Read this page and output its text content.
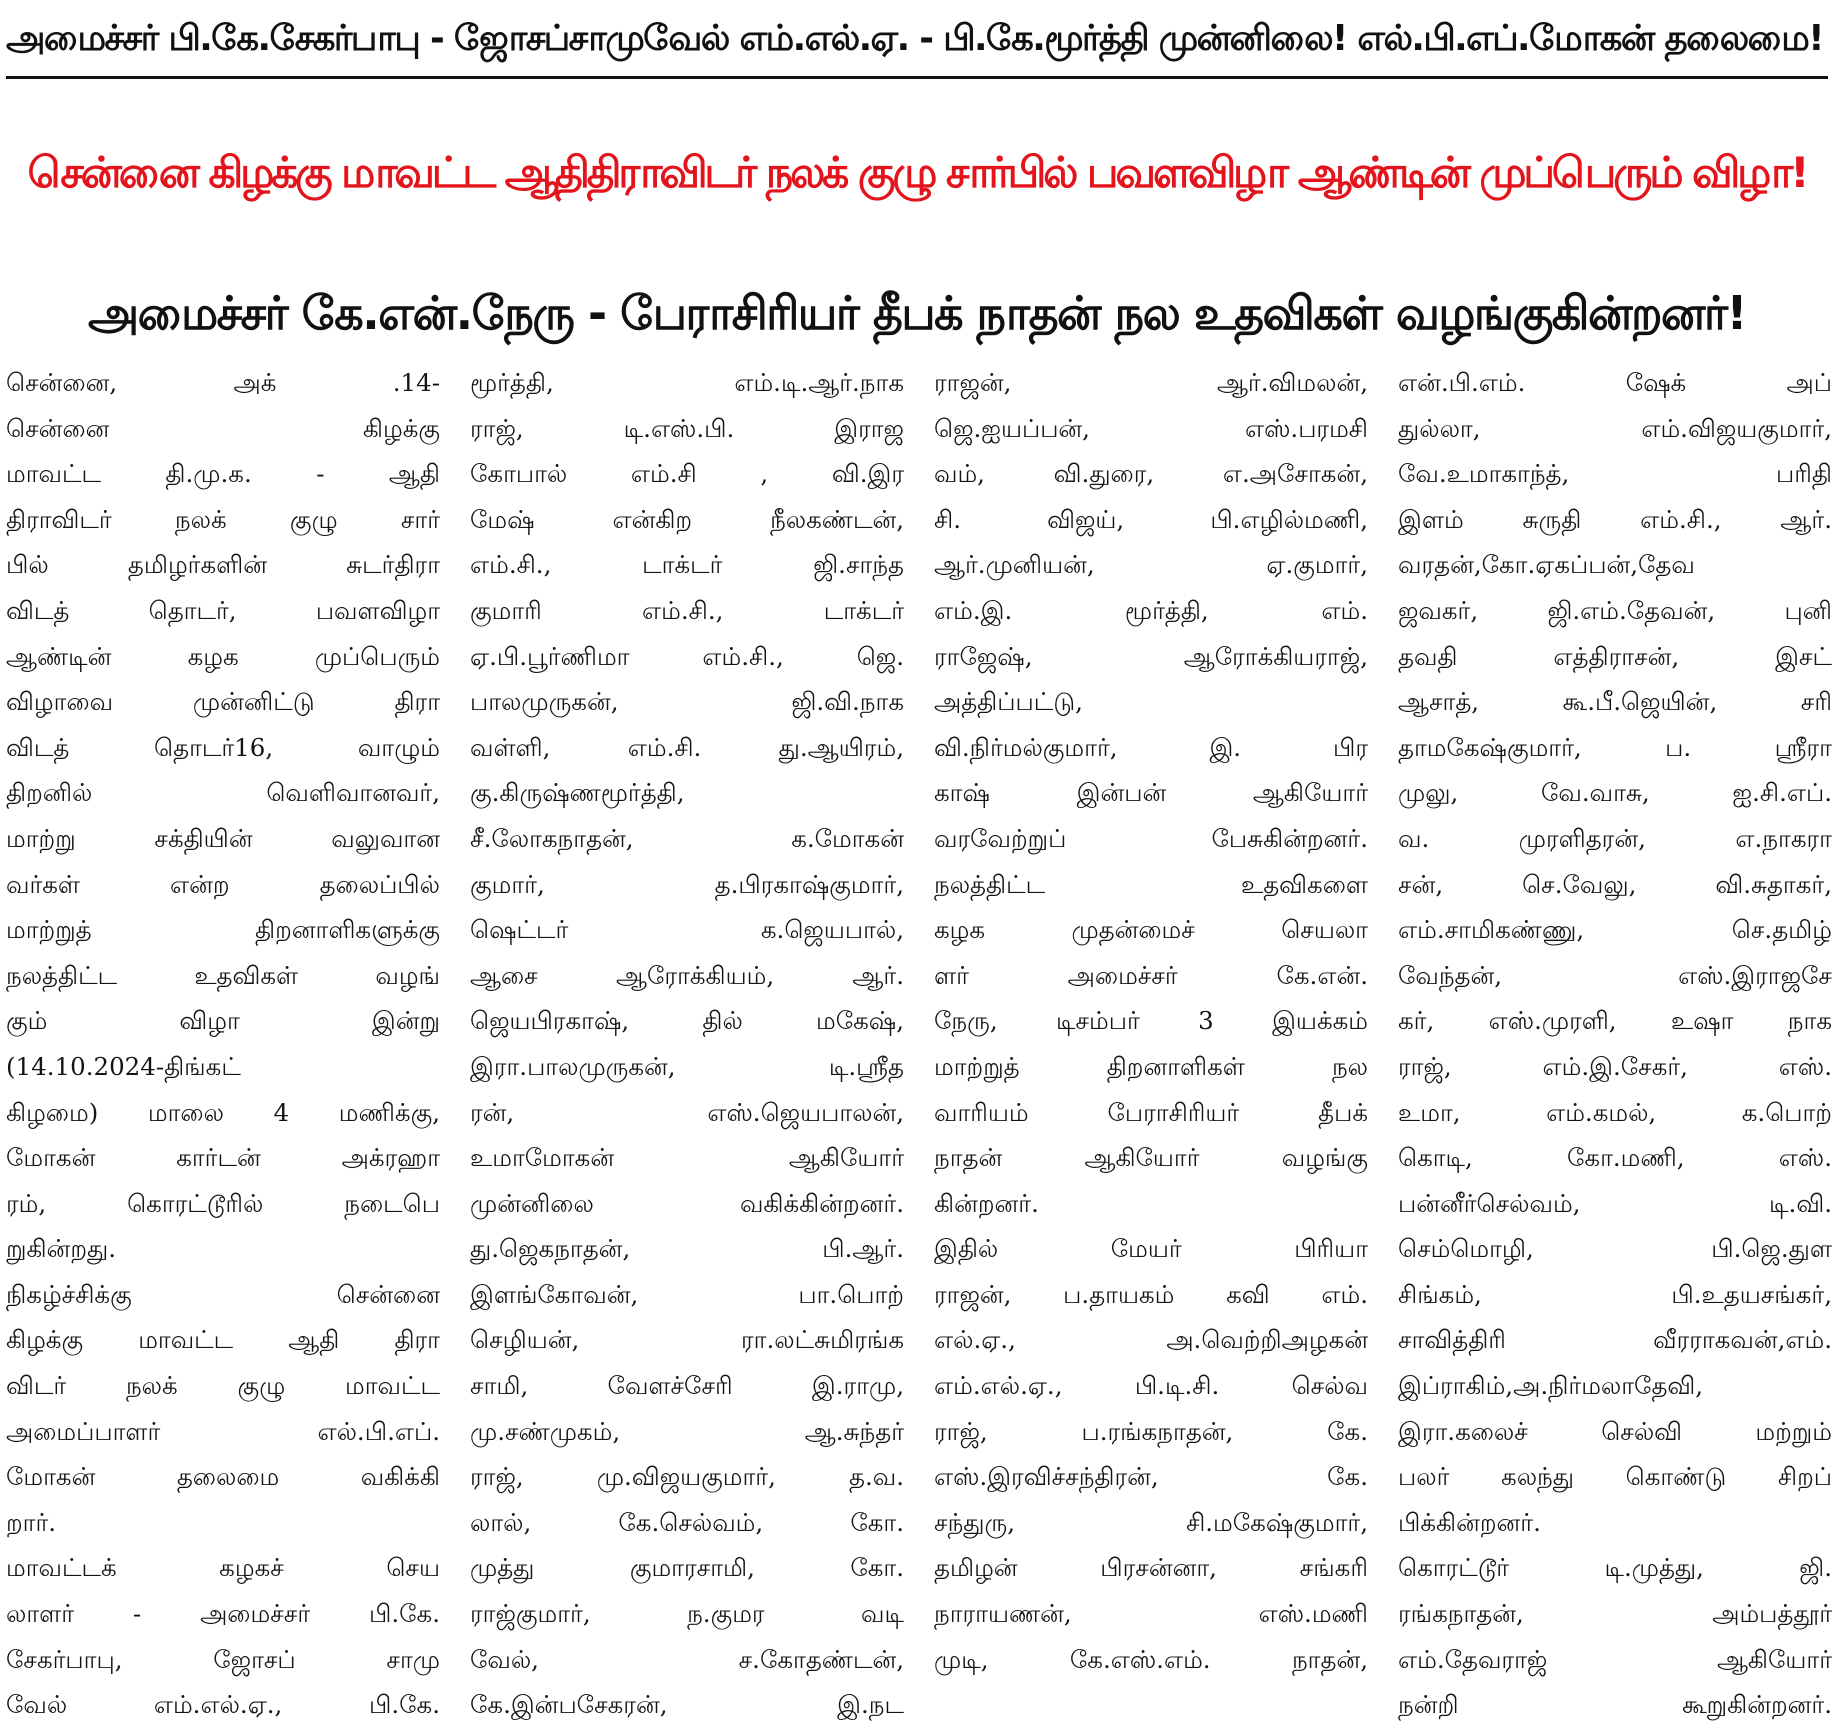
அமைச்சர் பி.கே.சேகர்பாபு - ஜோசப்சாமுவேல் எம்.எல்.ஏ. - பி.கே.மூர்த்தி முன்னிலை! எல்.பி.எப்.மோகன் தலைமை!
சென்னை கிழக்கு மாவட்ட ஆதிதிராவிடர் நலக் குழு சார்பில் பவளவிழா ஆண்டின் முப்பெரும் விழா!
அமைச்சர் கே.என்.நேரு - பேராசிரியர் தீபக் நாதன் நல உதவிகள் வழங்குகின்றனர்!
சென்னை, அக் .14-
சென்னை கிழக்கு
மாவட்ட தி.மு.க. - ஆதி
திராவிடர் நலக் குழு சார்
பில் தமிழர்களின் சுடர்திரா
விடத் தொடர், பவளவிழா
ஆண்டின் கழக முப்பெரும்
விழாவை முன்னிட்டு திரா
விடத் தொடர்16, வாழும்
திறனில் வெளிவானவர்,
மாற்று சக்தியின் வலுவான
வர்கள் என்ற தலைப்பில்
மாற்றுத் திறனாளிகளுக்கு
நலத்திட்ட உதவிகள் வழங்
கும் விழா இன்று
(14.10.2024-திங்கட்
கிழமை) மாலை 4 மணிக்கு,
மோகன் கார்டன் அக்ரஹா
ரம், கொரட்டூரில் நடைபெ
றுகின்றது.
நிகழ்ச்சிக்கு சென்னை
கிழக்கு மாவட்ட ஆதி திரா
விடர் நலக் குழு மாவட்ட
அமைப்பாளர் எல்.பி.எப்.
மோகன் தலைமை வகிக்கி
றார்.
மாவட்டக் கழகச் செய
லாளர் - அமைச்சர் பி.கே.
சேகர்பாபு, ஜோசப் சாமு
வேல் எம்.எல்.ஏ., பி.கே.
மூர்த்தி, எம்.டி.ஆர்.நாக
ராஜ், டி.எஸ்.பி. இராஜ
கோபால் எம்.சி , வி.இர
மேஷ் என்கிற நீலகண்டன்,
எம்.சி., டாக்டர் ஜி.சாந்த
குமாரி எம்.சி., டாக்டர்
ஏ.பி.பூர்ணிமா எம்.சி., ஜெ.
பாலமுருகன், ஜி.வி.நாக
வள்ளி, எம்.சி. து.ஆயிரம்,
கு.கிருஷ்ணமூர்த்தி,
சீ.லோகநாதன், க.மோகன்
குமார், த.பிரகாஷ்குமார்,
ஷெட்டர் க.ஜெயபால்,
ஆசை ஆரோக்கியம், ஆர்.
ஜெயபிரகாஷ், தில் மகேஷ்,
இரா.பாலமுருகன், டி.ஸ்ரீத
ரன், எஸ்.ஜெயபாலன்,
உமாமோகன் ஆகியோர்
முன்னிலை வகிக்கின்றனர்.
து.ஜெகநாதன், பி.ஆர்.
இளங்கோவன், பா.பொற்
செழியன், ரா.லட்சுமிரங்க
சாமி, வேளச்சேரி இ.ராமு,
மு.சண்முகம், ஆ.சுந்தர்
ராஜ், மு.விஜயகுமார், த.வ.
லால், கே.செல்வம், கோ.
முத்து குமாரசாமி, கோ.
ராஜ்குமார், ந.குமர வடி
வேல், ச.கோதண்டன்,
கே.இன்பசேகரன், இ.நட
ராஜன், ஆர்.விமலன்,
ஜெ.ஐயப்பன், எஸ்.பரமசி
வம், வி.துரை, எ.அசோகன்,
சி. விஜய், பி.எழில்மணி,
ஆர்.முனியன், ஏ.குமார்,
எம்.இ. மூர்த்தி, எம்.
ராஜேஷ், ஆரோக்கியராஜ்,
அத்திப்பட்டு,
வி.நிர்மல்குமார், இ. பிர
காஷ் இன்பன் ஆகியோர்
வரவேற்றுப் பேசுகின்றனர்.
நலத்திட்ட உதவிகளை
கழக முதன்மைச் செயலா
ளர் அமைச்சர் கே.என்.
நேரு, டிசம்பர் 3 இயக்கம்
மாற்றுத் திறனாளிகள் நல
வாரியம் பேராசிரியர் தீபக்
நாதன் ஆகியோர் வழங்கு
கின்றனர்.
இதில் மேயர் பிரியா
ராஜன், ப.தாயகம் கவி எம்.
எல்.ஏ., அ.வெற்றிஅழகன்
எம்.எல்.ஏ., பி.டி.சி. செல்வ
ராஜ், ப.ரங்கநாதன், கே.
எஸ்.இரவிச்சந்திரன், கே.
சந்துரு, சி.மகேஷ்குமார்,
தமிழன் பிரசன்னா, சங்கரி
நாராயணன், எஸ்.மணி
முடி, கே.எஸ்.எம். நாதன்,
என்.பி.எம். ஷேக் அப்
துல்லா, எம்.விஜயகுமார்,
வே.உமாகாந்த், பரிதி
இளம் சுருதி எம்.சி., ஆர்.
வரதன்,கோ.ஏகப்பன்,தேவ
ஜவகர், ஜி.எம்.தேவன், புனி
தவதி எத்திராசன், இசட்
ஆசாத், கூ.பீ.ஜெயின், சரி
தாமகேஷ்குமார், ப. ஸ்ரீரா
முலு, வே.வாசு, ஐ.சி.எப்.
வ. முரளிதரன், எ.நாகரா
சன், செ.வேலு, வி.சுதாகர்,
எம்.சாமிகண்ணு, செ.தமிழ்
வேந்தன், எஸ்.இராஜசே
கர், எஸ்.முரளி, உஷா நாக
ராஜ், எம்.இ.சேகர், எஸ்.
உமா, எம்.கமல், க.பொற்
கொடி, கோ.மணி, எஸ்.
பன்னீர்செல்வம், டி.வி.
செம்மொழி, பி.ஜெ.துள
சிங்கம், பி.உதயசங்கர்,
சாவித்திரி வீரராகவன்,எம்.
இப்ராகிம்,அ.நிர்மலாதேவி,
இரா.கலைச் செல்வி மற்றும்
பலர் கலந்து கொண்டு சிறப்
பிக்கின்றனர்.
கொரட்டூர் டி.முத்து, ஜி.
ரங்கநாதன், அம்பத்தூர்
எம்.தேவராஜ் ஆகியோர்
நன்றி கூறுகின்றனர்.
